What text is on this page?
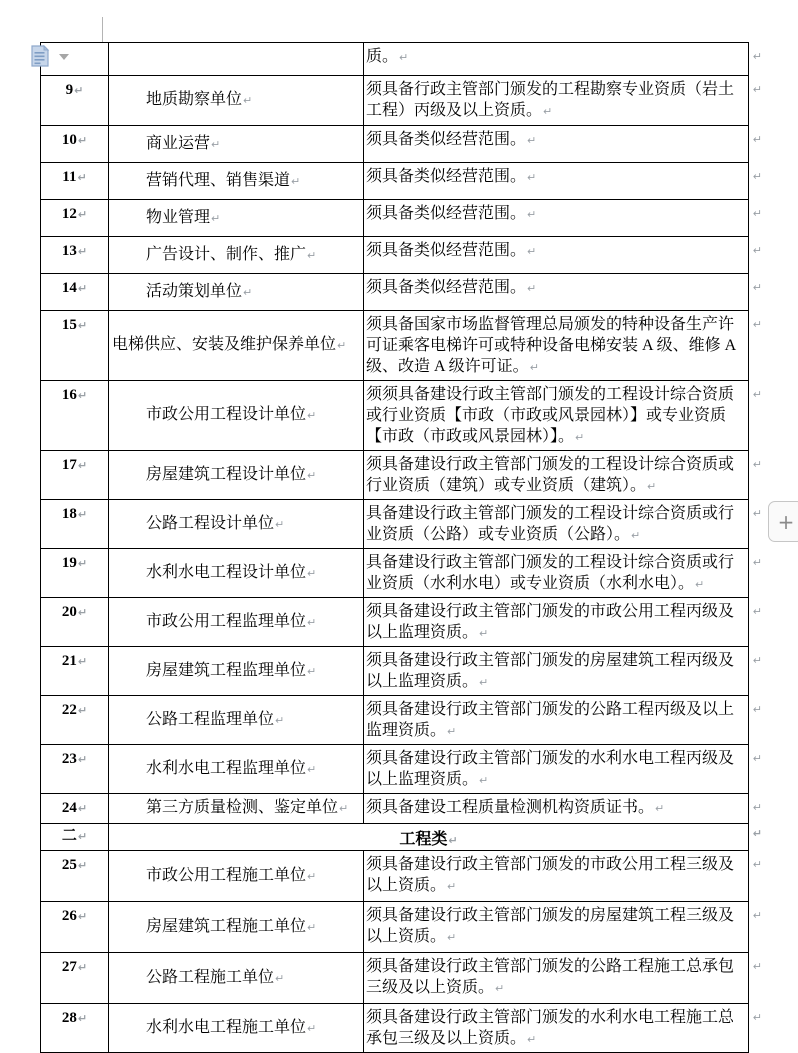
		质。↵ ↵

9↵	地质勘察单位↵	须具备行政主管部门颁发的工程勘察专业资质（岩土工程）丙级及以上资质。↵
↵

10↵	商业运营↵	须具备类似经营范围。↵ ↵

11↵	营销代理、销售渠道↵	须具备类似经营范围。↵ ↵

12↵	物业管理↵	须具备类似经营范围。↵ ↵

13↵	广告设计、制作、推广↵	须具备类似经营范围。↵ ↵

14↵	活动策划单位↵	须具备类似经营范围。↵ ↵

15↵	电梯供应、安装及维护保养单位↵	须具备国家市场监督管理总局颁发的特种设备生产许可证乘客电梯许可或特种设备电梯安装 A 级、维修 A 级、改造 A 级许可证。↵
↵

16↵	市政公用工程设计单位↵	须须具备建设行政主管部门颁发的工程设计综合资质或行业资质【市政（市政或风景园林）】或专业资质【市政（市政或风景园林）】。↵
↵

17↵	房屋建筑工程设计单位↵	须具备建设行政主管部门颁发的工程设计综合资质或行业资质（建筑）或专业资质（建筑）。↵
↵

18↵	公路工程设计单位↵	具备建设行政主管部门颁发的工程设计综合资质或行业资质（公路）或专业资质（公路）。↵
↵

19↵	水利水电工程设计单位↵	具备建设行政主管部门颁发的工程设计综合资质或行业资质（水利水电）或专业资质（水利水电）。↵
↵

20↵	市政公用工程监理单位↵	须具备建设行政主管部门颁发的市政公用工程丙级及以上监理资质。↵
↵

21↵	房屋建筑工程监理单位↵	须具备建设行政主管部门颁发的房屋建筑工程丙级及以上监理资质。↵
↵

22↵	公路工程监理单位↵	须具备建设行政主管部门颁发的公路工程丙级及以上监理资质。↵
↵

23↵	水利水电工程监理单位↵	须具备建设行政主管部门颁发的水利水电工程丙级及以上监理资质。↵
↵

24↵	第三方质量检测、鉴定单位↵	须具备建设工程质量检测机构资质证书。↵ ↵

二↵	工程类↵ ↵	

25↵	市政公用工程施工单位↵	须具备建设行政主管部门颁发的市政公用工程三级及以上资质。↵
↵

26↵	房屋建筑工程施工单位↵	须具备建设行政主管部门颁发的房屋建筑工程三级及以上资质。↵
↵

27↵	公路工程施工单位↵	须具备建设行政主管部门颁发的公路工程施工总承包三级及以上资质。↵
↵

28↵	水利水电工程施工单位↵	须具备建设行政主管部门颁发的水利水电工程施工总承包三级及以上资质。↵
↵
+
